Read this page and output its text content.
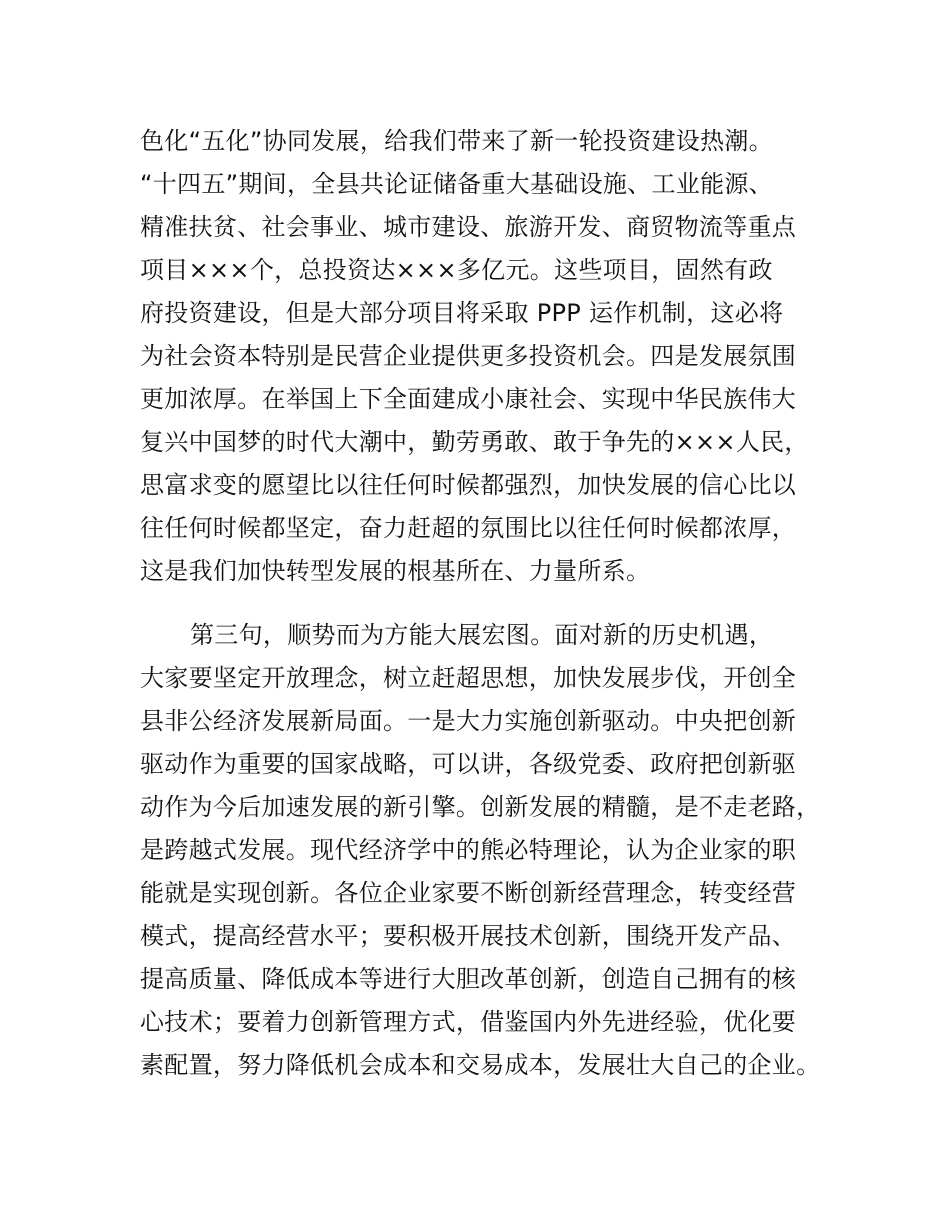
色化“五化”协同发展，给我们带来了新一轮投资建设热潮。
“十四五”期间，全县共论证储备重大基础设施、工业能源、
精准扶贫、社会事业、城市建设、旅游开发、商贸物流等重点
项目×××个，总投资达×××多亿元。这些项目，固然有政
府投资建设，但是大部分项目将采取 PPP 运作机制，这必将
为社会资本特别是民营企业提供更多投资机会。四是发展氛围
更加浓厚。在举国上下全面建成小康社会、实现中华民族伟大
复兴中国梦的时代大潮中，勤劳勇敢、敢于争先的×××人民，
思富求变的愿望比以往任何时候都强烈，加快发展的信心比以
往任何时候都坚定，奋力赶超的氛围比以往任何时候都浓厚，
这是我们加快转型发展的根基所在、力量所系。
第三句，顺势而为方能大展宏图。面对新的历史机遇，
大家要坚定开放理念，树立赶超思想，加快发展步伐，开创全
县非公经济发展新局面。一是大力实施创新驱动。中央把创新
驱动作为重要的国家战略，可以讲，各级党委、政府把创新驱
动作为今后加速发展的新引擎。创新发展的精髓，是不走老路，
是跨越式发展。现代经济学中的熊必特理论，认为企业家的职
能就是实现创新。各位企业家要不断创新经营理念，转变经营
模式，提高经营水平；要积极开展技术创新，围绕开发产品、
提高质量、降低成本等进行大胆改革创新，创造自己拥有的核
心技术；要着力创新管理方式，借鉴国内外先进经验，优化要
素配置，努力降低机会成本和交易成本，发展壮大自己的企业。
